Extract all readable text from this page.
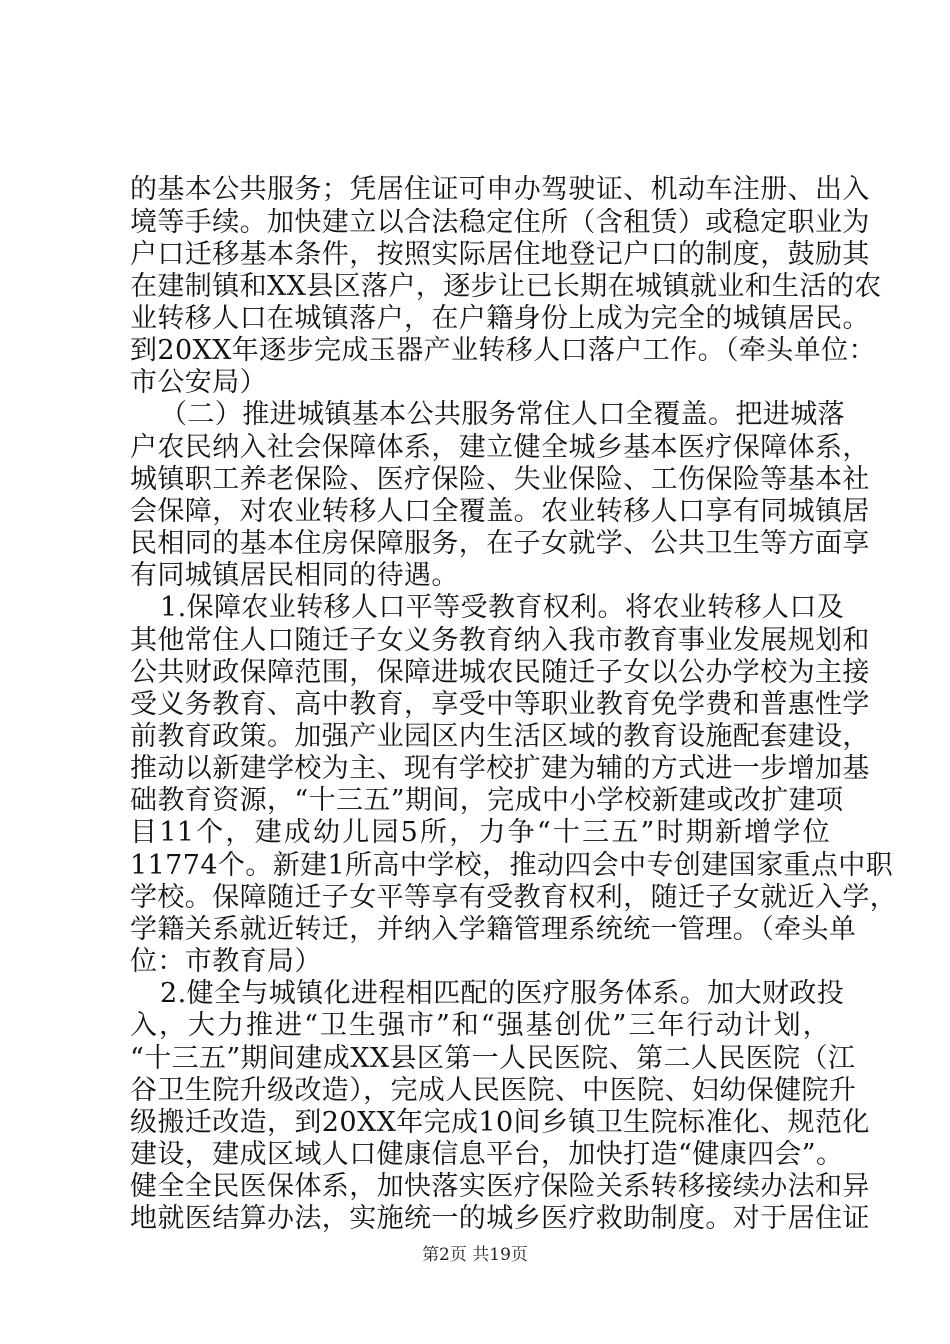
的基本公共服务；凭居住证可申办驾驶证、机动车注册、出入
境等手续。加快建立以合法稳定住所（含租赁）或稳定职业为
户口迁移基本条件，按照实际居住地登记户口的制度，鼓励其
在建制镇和XX县区落户，逐步让已长期在城镇就业和生活的农
业转移人口在城镇落户，在户籍身份上成为完全的城镇居民。
到20XX年逐步完成玉器产业转移人口落户工作。（牵头单位：
市公安局）
（二）推进城镇基本公共服务常住人口全覆盖。把进城落
户农民纳入社会保障体系，建立健全城乡基本医疗保障体系，
城镇职工养老保险、医疗保险、失业保险、工伤保险等基本社
会保障，对农业转移人口全覆盖。农业转移人口享有同城镇居
民相同的基本住房保障服务，在子女就学、公共卫生等方面享
有同城镇居民相同的待遇。
1.保障农业转移人口平等受教育权利。将农业转移人口及
其他常住人口随迁子女义务教育纳入我市教育事业发展规划和
公共财政保障范围，保障进城农民随迁子女以公办学校为主接
受义务教育、高中教育，享受中等职业教育免学费和普惠性学
前教育政策。加强产业园区内生活区域的教育设施配套建设，
推动以新建学校为主、现有学校扩建为辅的方式进一步增加基
础教育资源，“十三五”期间，完成中小学校新建或改扩建项
目11个，建成幼儿园5所，力争“十三五”时期新增学位
11774个。新建1所高中学校，推动四会中专创建国家重点中职
学校。保障随迁子女平等享有受教育权利，随迁子女就近入学，
学籍关系就近转迁，并纳入学籍管理系统统一管理。（牵头单
位：市教育局）
2.健全与城镇化进程相匹配的医疗服务体系。加大财政投
入，大力推进“卫生强市”和“强基创优”三年行动计划，
“十三五”期间建成XX县区第一人民医院、第二人民医院（江
谷卫生院升级改造），完成人民医院、中医院、妇幼保健院升
级搬迁改造，到20XX年完成10间乡镇卫生院标准化、规范化
建设，建成区域人口健康信息平台，加快打造“健康四会”。
健全全民医保体系，加快落实医疗保险关系转移接续办法和异
地就医结算办法，实施统一的城乡医疗救助制度。对于居住证
第2页 共19页
